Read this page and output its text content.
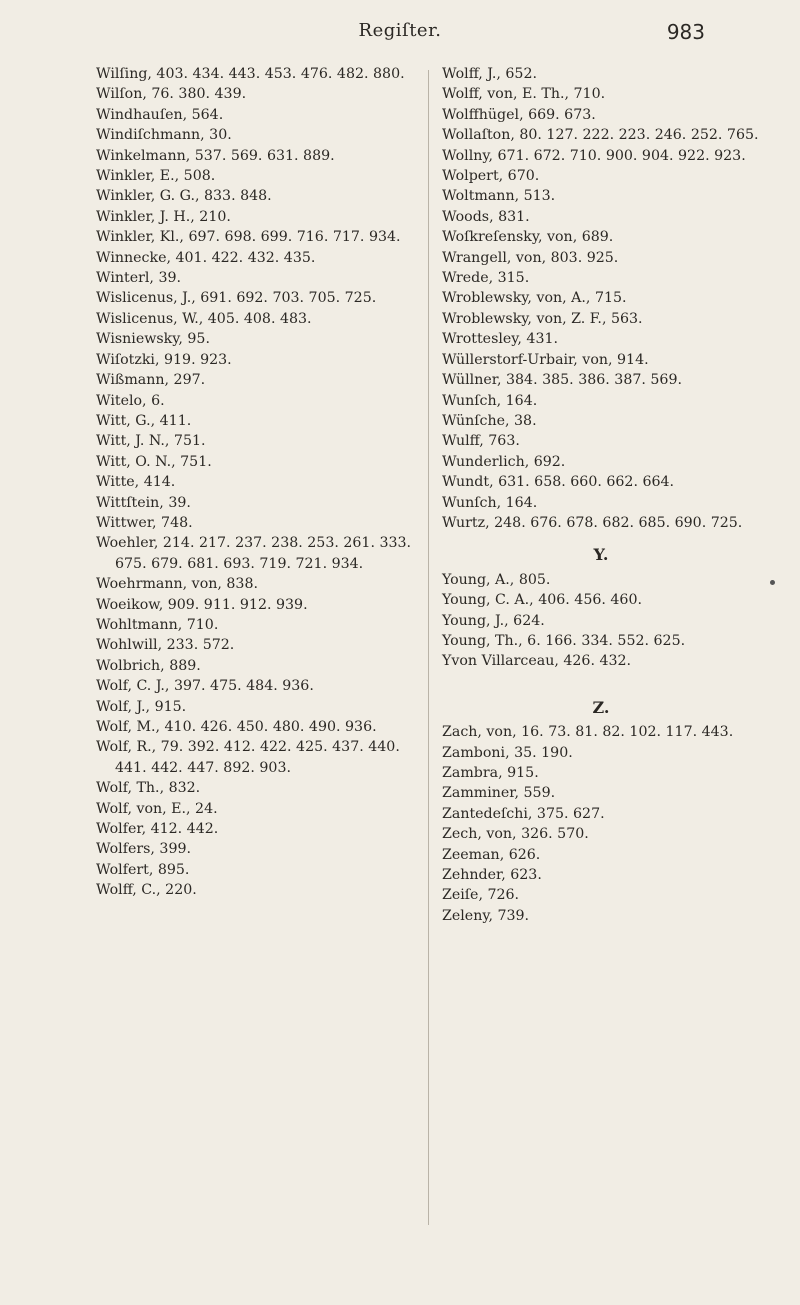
Regiſter.	983

Wilſing, 403. 434. 443. 453. 476. 482. 880.

Wilſon, 76. 380. 439.

Windhauſen, 564.

Windiſchmann, 30.

Winkelmann, 537. 569. 631. 889.

Winkler, E., 508.

Winkler, G. G., 833. 848.

Winkler, J. H., 210.

Winkler, Kl., 697. 698. 699. 716. 717. 934.

Winnecke, 401. 422. 432. 435.

Winterl, 39.

Wislicenus, J., 691. 692. 703. 705. 725.

Wislicenus, W., 405. 408. 483.

Wisniewsky, 95.

Wiſotzki, 919. 923.

Wißmann, 297.

Witelo, 6.

Witt, G., 411.

Witt, J. N., 751.

Witt, O. N., 751.

Witte, 414.

Wittſtein, 39.

Wittwer, 748.

Woehler, 214. 217. 237. 238. 253. 261. 333. 675. 679. 681. 693. 719. 721. 934.

Woehrmann, von, 838.

Woeikow, 909. 911. 912. 939.

Wohltmann, 710.

Wohlwill, 233. 572.

Wolbrich, 889.

Wolf, C. J., 397. 475. 484. 936.

Wolf, J., 915.

Wolf, M., 410. 426. 450. 480. 490. 936.

Wolf, R., 79. 392. 412. 422. 425. 437. 440. 441. 442. 447. 892. 903.

Wolf, Th., 832.

Wolf, von, E., 24.

Wolfer, 412. 442.

Wolfers, 399.

Wolfert, 895.

Wolff, C., 220.

Wolff, J., 652.

Wolff, von, E. Th., 710.

Wolffhügel, 669. 673.

Wollaſton, 80. 127. 222. 223. 246. 252. 765.

Wollny, 671. 672. 710. 900. 904. 922. 923.

Wolpert, 670.

Woltmann, 513.

Woods, 831.

Woſkreſensky, von, 689.

Wrangell, von, 803. 925.

Wrede, 315.

Wroblewsky, von, A., 715.

Wroblewsky, von, Z. F., 563.

Wrottesley, 431.

Wüllerstorf-Urbair, von, 914.

Wüllner, 384. 385. 386. 387. 569.

Wunſch, 164.

Wünſche, 38.

Wulff, 763.

Wunderlich, 692.

Wundt, 631. 658. 660. 662. 664.

Wunſch, 164.

Wurtz, 248. 676. 678. 682. 685. 690. 725.

Y.

Young, A., 805.

Young, C. A., 406. 456. 460.

Young, J., 624.

Young, Th., 6. 166. 334. 552. 625.

Yvon Villarceau, 426. 432.

Z.

Zach, von, 16. 73. 81. 82. 102. 117. 443.

Zamboni, 35. 190.

Zambra, 915.

Zamminer, 559.

Zantedeſchi, 375. 627.

Zech, von, 326. 570.

Zeeman, 626.

Zehnder, 623.

Zeiſe, 726.

Zeleny, 739.
